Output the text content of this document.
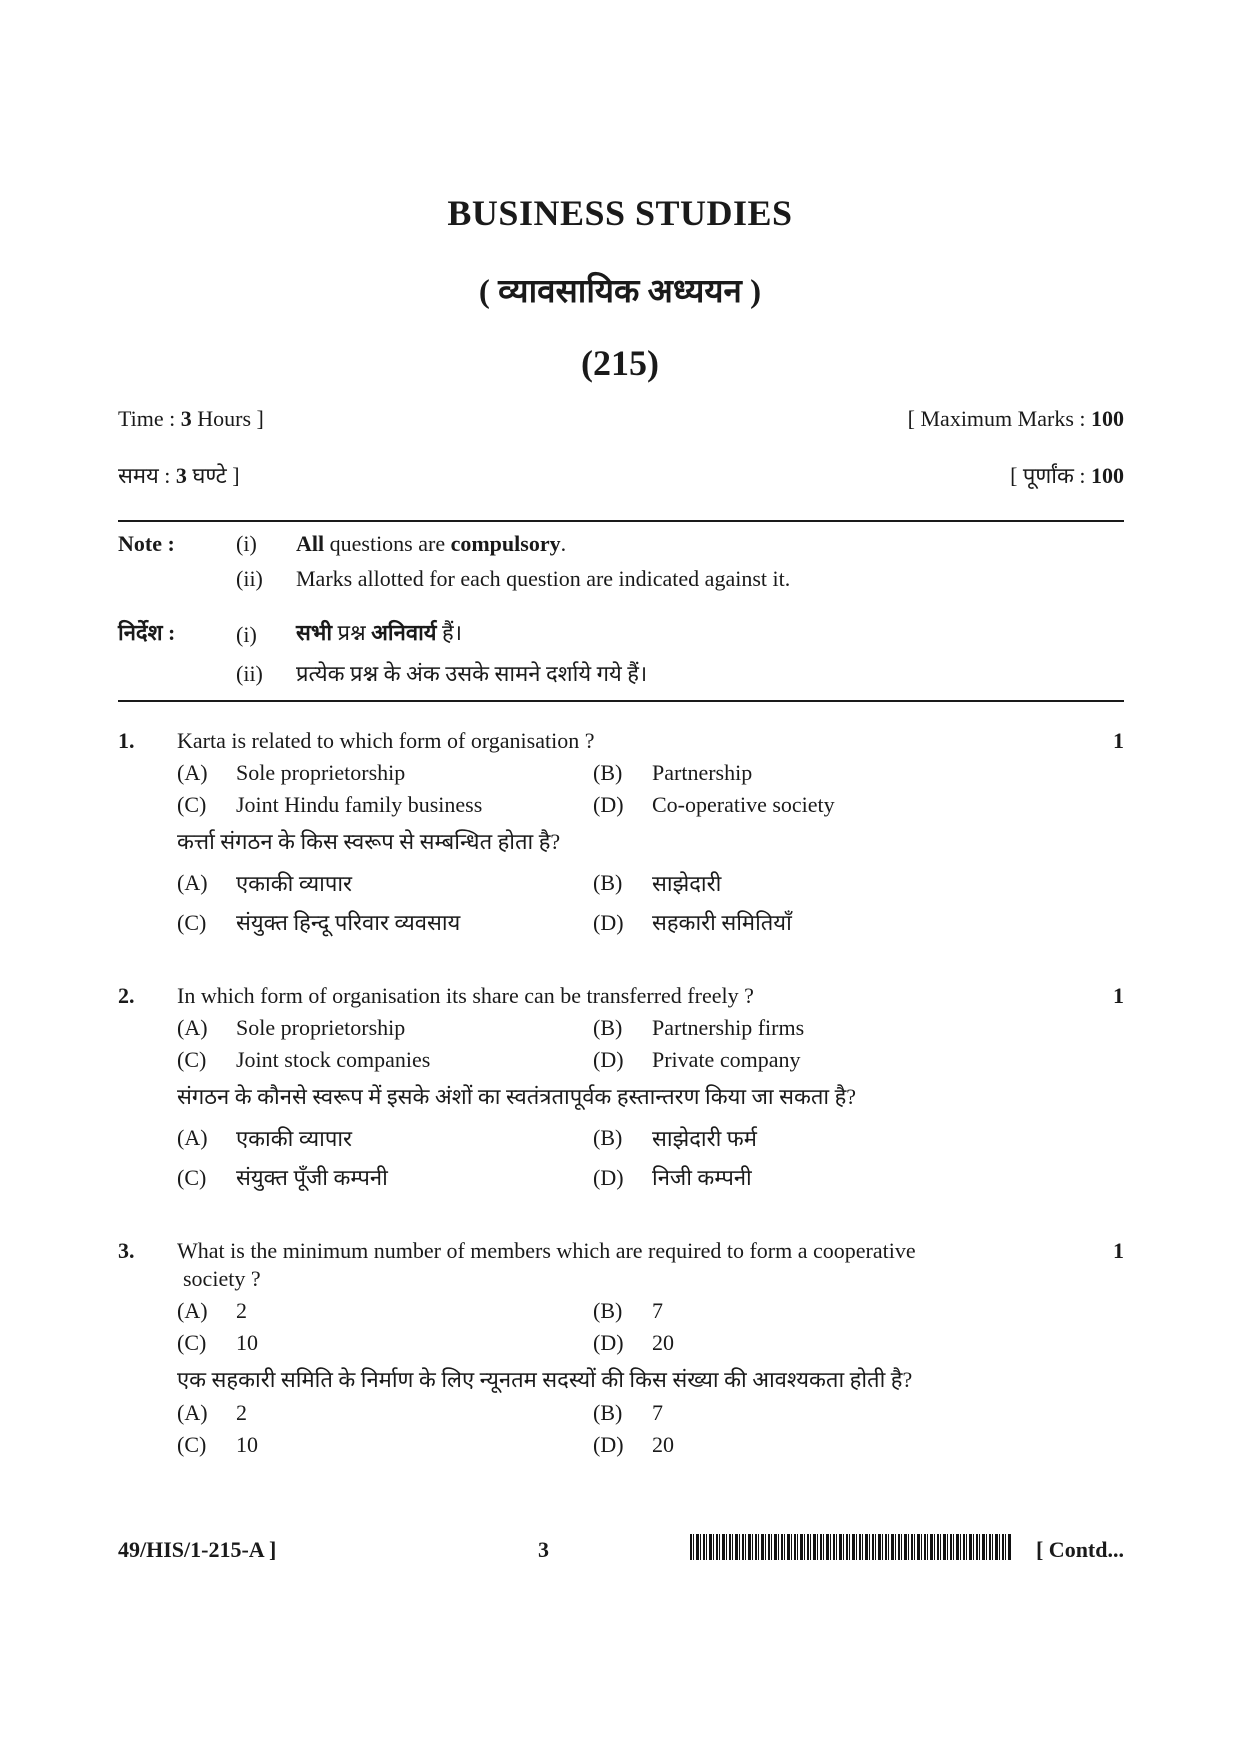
BUSINESS STUDIES
( व्यावसायिक अध्ययन )
(215)
Time : 3 Hours ]	[ Maximum Marks : 100
समय : 3 घण्टे ]	[ पूर्णांक : 100
Note :	(i) All questions are compulsory.
(ii) Marks allotted for each question are indicated against it.
निर्देश :	(i) सभी प्रश्न अनिवार्य हैं।
(ii) प्रत्येक प्रश्न के अंक उसके सामने दर्शाये गये हैं।
1. Karta is related to which form of organisation ?	1
(A) Sole proprietorship	(B) Partnership
(C) Joint Hindu family business	(D) Co-operative society
कर्त्ता संगठन के किस स्वरूप से सम्बन्धित होता है?
(A) एकाकी व्यापार	(B) साझेदारी
(C) संयुक्त हिन्दू परिवार व्यवसाय	(D) सहकारी समितियाँ
2. In which form of organisation its share can be transferred freely ?	1
(A) Sole proprietorship	(B) Partnership firms
(C) Joint stock companies	(D) Private company
संगठन के कौनसे स्वरूप में इसके अंशों का स्वतंत्रतापूर्वक हस्तान्तरण किया जा सकता है?
(A) एकाकी व्यापार	(B) साझेदारी फर्म
(C) संयुक्त पूँजी कम्पनी	(D) निजी कम्पनी
3. What is the minimum number of members which are required to form a cooperative
society ?
1
(A) 2	(B) 7
(C) 10	(D) 20
एक सहकारी समिति के निर्माण के लिए न्यूनतम सदस्यों की किस संख्या की आवश्यकता होती है?
(A) 2	(B) 7
(C) 10	(D) 20
49/HIS/1-215-A ]	3	[ Contd...
